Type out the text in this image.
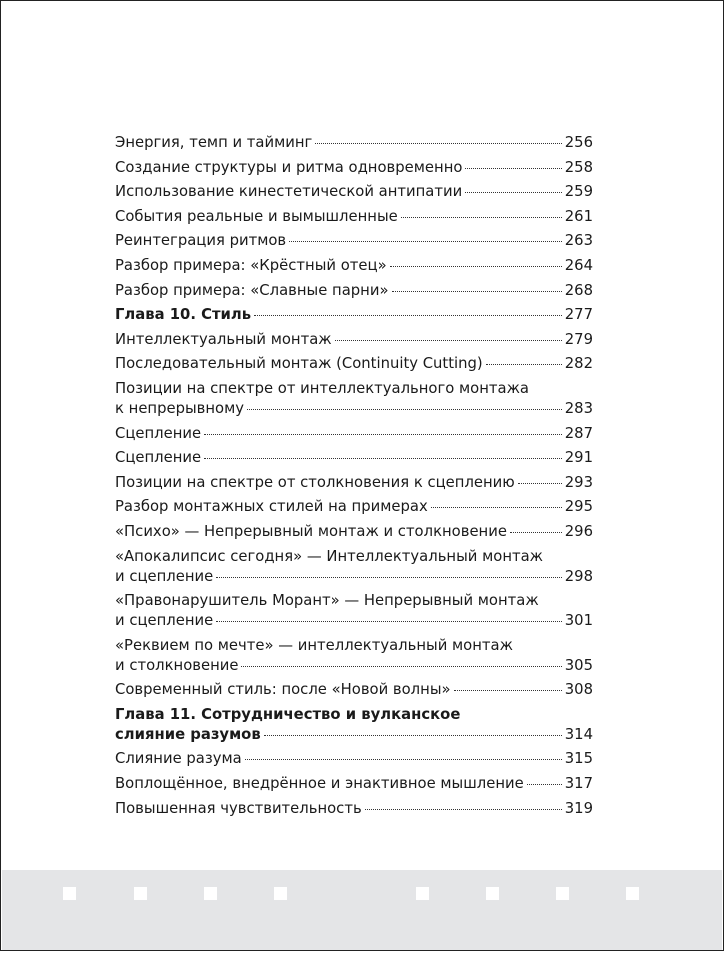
Энергия, темп и тайминг	256
Создание структуры и ритма одновременно	258
Использование кинестетической антипатии	259
События реальные и вымышленные	261
Реинтеграция ритмов	263
Разбор примера: «Крёстный отец»	264
Разбор примера: «Славные парни»	268
Глава 10. Стиль	277
Интеллектуальный монтаж	279
Последовательный монтаж (Continuity Cutting)	282
Позиции на спектре от интеллектуального монтажа
к непрерывному	283
Сцепление	287
Сцепление	291
Позиции на спектре от столкновения к сцеплению	293
Разбор монтажных стилей на примерах	295
«Психо» — Непрерывный монтаж и столкновение	296
«Апокалипсис сегодня» — Интеллектуальный монтаж
и сцепление	298
«Правонарушитель Морант» — Непрерывный монтаж
и сцепление	301
«Реквием по мечте» — интеллектуальный монтаж
и столкновение	305
Современный стиль: после «Новой волны»	308
Глава 11. Сотрудничество и вулканское
слияние разумов	314
Слияние разума	315
Воплощённое, внедрённое и энактивное мышление	317
Повышенная чувствительность	319
